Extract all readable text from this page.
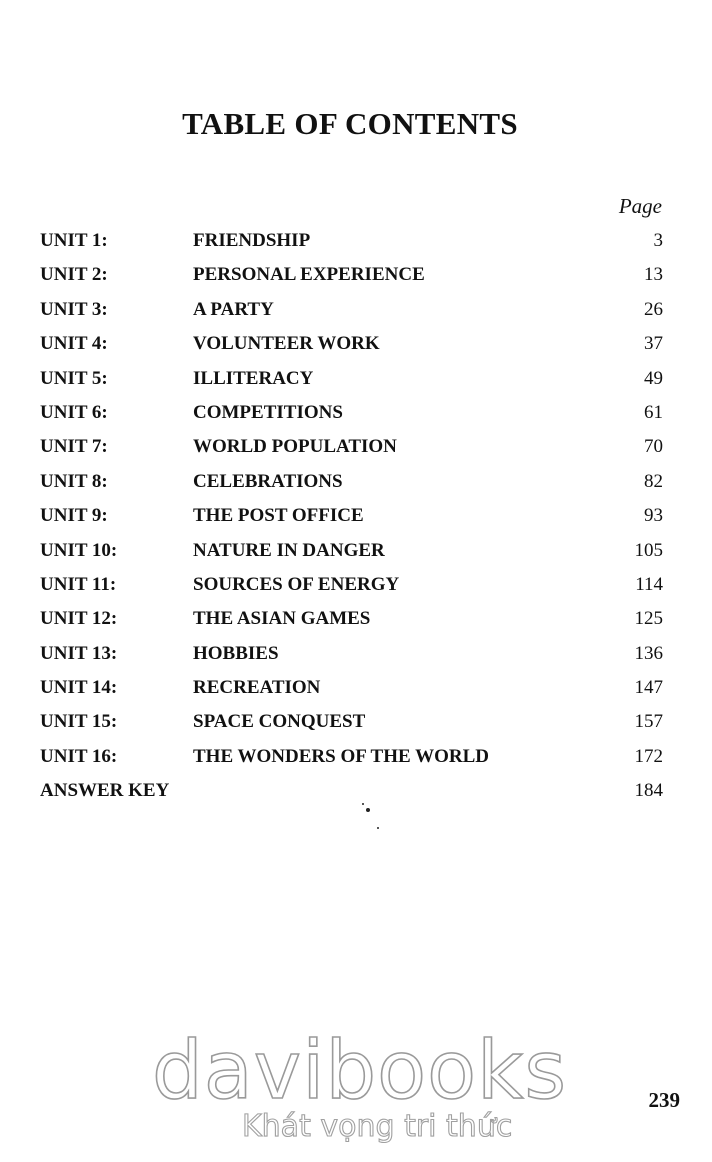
TABLE OF CONTENTS
Page
UNIT 1:	FRIENDSHIP	3
UNIT 2:	PERSONAL EXPERIENCE	13
UNIT 3:	A PARTY	26
UNIT 4:	VOLUNTEER WORK	37
UNIT 5:	ILLITERACY	49
UNIT 6:	COMPETITIONS	61
UNIT 7:	WORLD POPULATION	70
UNIT 8:	CELEBRATIONS	82
UNIT 9:	THE POST OFFICE	93
UNIT 10:	NATURE IN DANGER	105
UNIT 11:	SOURCES OF ENERGY	114
UNIT 12:	THE ASIAN GAMES	125
UNIT 13:	HOBBIES	136
UNIT 14:	RECREATION	147
UNIT 15:	SPACE CONQUEST	157
UNIT 16:	THE WONDERS OF THE WORLD	172
ANSWER KEY	184
davibooks
Khát vọng tri thức
239
